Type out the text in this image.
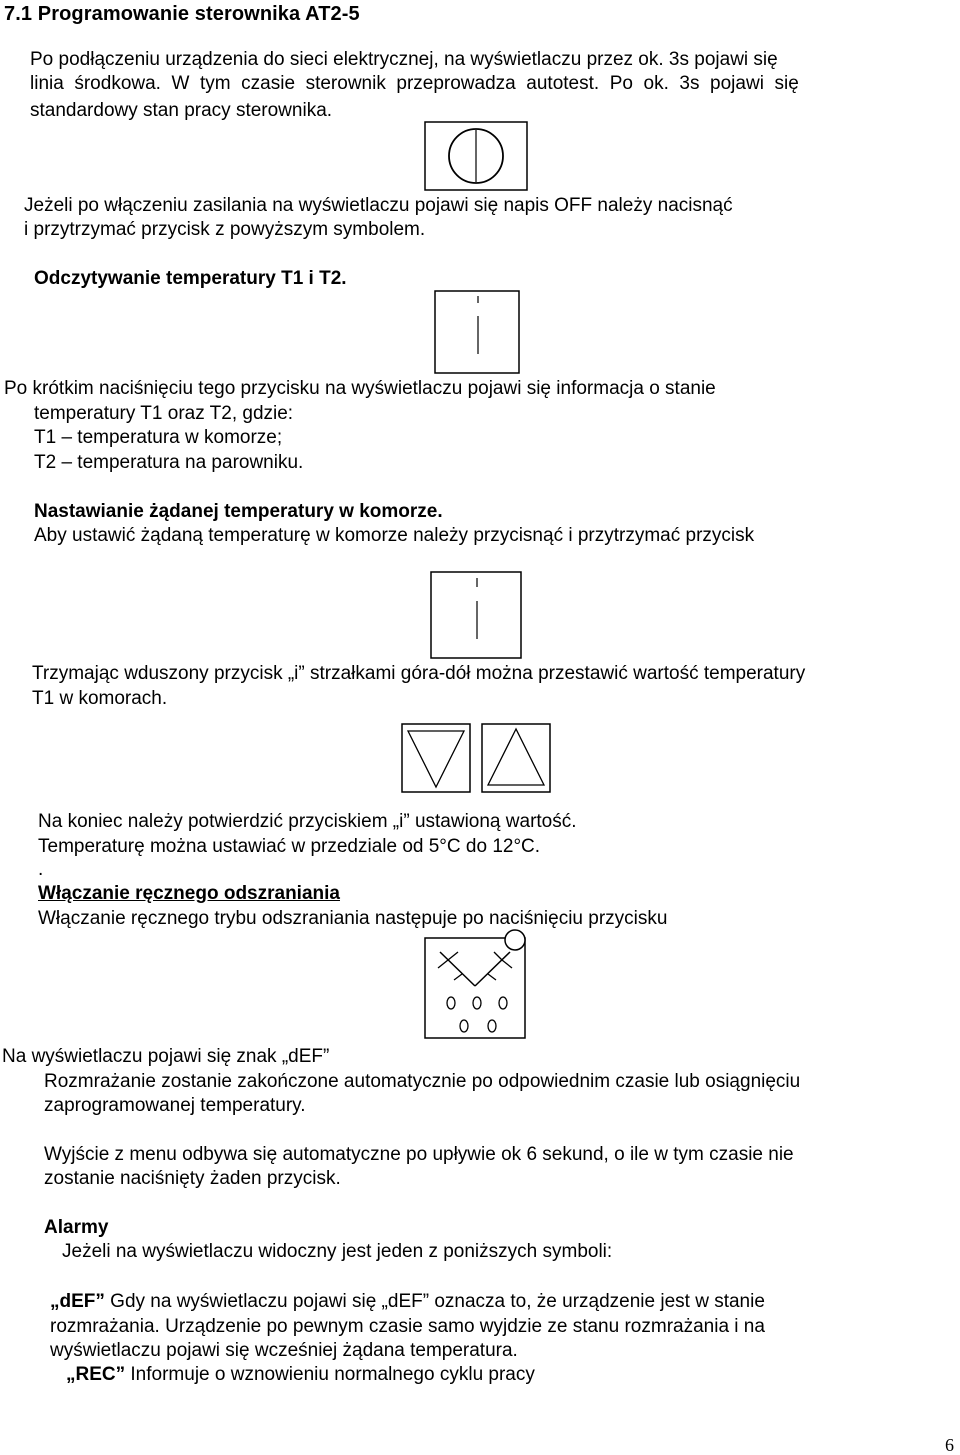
7.1 Programowanie sterownika AT2-5
Po podłączeniu urządzenia do sieci elektrycznej, na wyświetlaczu przez ok. 3s pojawi się
linia  środkowa.  W  tym  czasie  sterownik  przeprowadza  autotest.  Po  ok.  3s  pojawi  się
standardowy stan pracy sterownika.
Jeżeli po włączeniu zasilania na wyświetlaczu pojawi się napis OFF należy nacisnąć
i przytrzymać przycisk z powyższym symbolem.
Odczytywanie temperatury T1 i T2.
Po krótkim naciśnięciu tego przycisku na wyświetlaczu pojawi się informacja o stanie
temperatury T1 oraz T2, gdzie:
T1 – temperatura w komorze;
T2 – temperatura na parowniku.
Nastawianie żądanej temperatury w komorze.
Aby ustawić żądaną temperaturę w komorze należy przycisnąć i przytrzymać przycisk
Trzymając wduszony przycisk „i” strzałkami góra-dół można przestawić wartość temperatury
T1 w komorach.
Na koniec należy potwierdzić przyciskiem „i” ustawioną wartość.
Temperaturę można ustawiać w przedziale od 5°C do 12°C.
.
Włączanie ręcznego odszraniania
Włączanie ręcznego trybu odszraniania następuje po naciśnięciu przycisku
Na wyświetlaczu pojawi się znak „dEF”
Rozmrażanie zostanie zakończone automatycznie po odpowiednim czasie lub osiągnięciu
zaprogramowanej temperatury.
Wyjście z menu odbywa się automatyczne po upływie ok 6 sekund, o ile w tym czasie nie
zostanie naciśnięty żaden przycisk.
Alarmy
Jeżeli na wyświetlaczu widoczny jest jeden z poniższych symboli:
„dEF” Gdy na wyświetlaczu pojawi się „dEF” oznacza to, że urządzenie jest w stanie
rozmrażania. Urządzenie po pewnym czasie samo wyjdzie ze stanu rozmrażania i na
wyświetlaczu pojawi się wcześniej żądana temperatura.
„REC” Informuje o wznowieniu normalnego cyklu pracy
6
